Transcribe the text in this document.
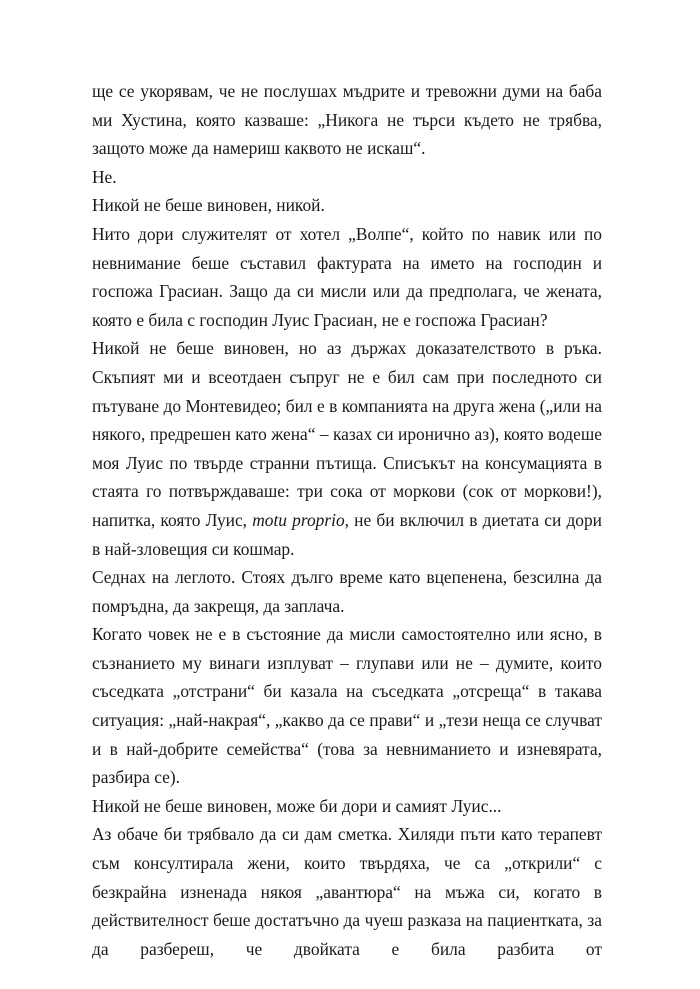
ще се укорявам, че не послушах мъдрите и тревожни думи на баба ми Хустина, която казваше: „Никога не търси където не трябва, защото може да намериш каквото не искаш“.

Не.

Никой не беше виновен, никой.

Нито дори служителят от хотел „Волпе“, който по навик или по невнимание беше съставил фактурата на името на господин и госпожа Грасиан. Защо да си мисли или да предполага, че жената, която е била с господин Луис Грасиан, не е госпожа Грасиан?

Никой не беше виновен, но аз държах доказателството в ръка. Скъпият ми и всеотдаен съпруг не е бил сам при последното си пътуване до Монтевидео; бил е в компанията на друга жена („или на някого, предрешен като жена“ – казах си иронично аз), която водеше моя Луис по твърде странни пътища. Списъкът на консумацията в стаята го потвърждаваше: три сока от моркови (сок от моркови!), напитка, която Луис, motu proprio, не би включил в диетата си дори в най-зловещия си кошмар.

Седнах на леглото. Стоях дълго време като вцепенена, безсилна да помръдна, да закрещя, да заплача.

Когато човек не е в състояние да мисли самостоятелно или ясно, в съзнанието му винаги изплуват – глупави или не – думите, които съседката „отстрани“ би казала на съседката „отсреща“ в такава ситуация: „най-накрая“, „какво да се прави“ и „тези неща се случват и в най-добрите семейства“ (това за невниманието и изневярата, разбира се).

Никой не беше виновен, може би дори и самият Луис...

Аз обаче би трябвало да си дам сметка. Хиляди пъти като терапевт съм консултирала жени, които твърдяха, че са „открили“ с безкрайна изненада някоя „авантюра“ на мъжа си, когато в действителност беше достатъчно да чуеш разказа на пациентката, за да разбереш, че двойката е била разбита от
